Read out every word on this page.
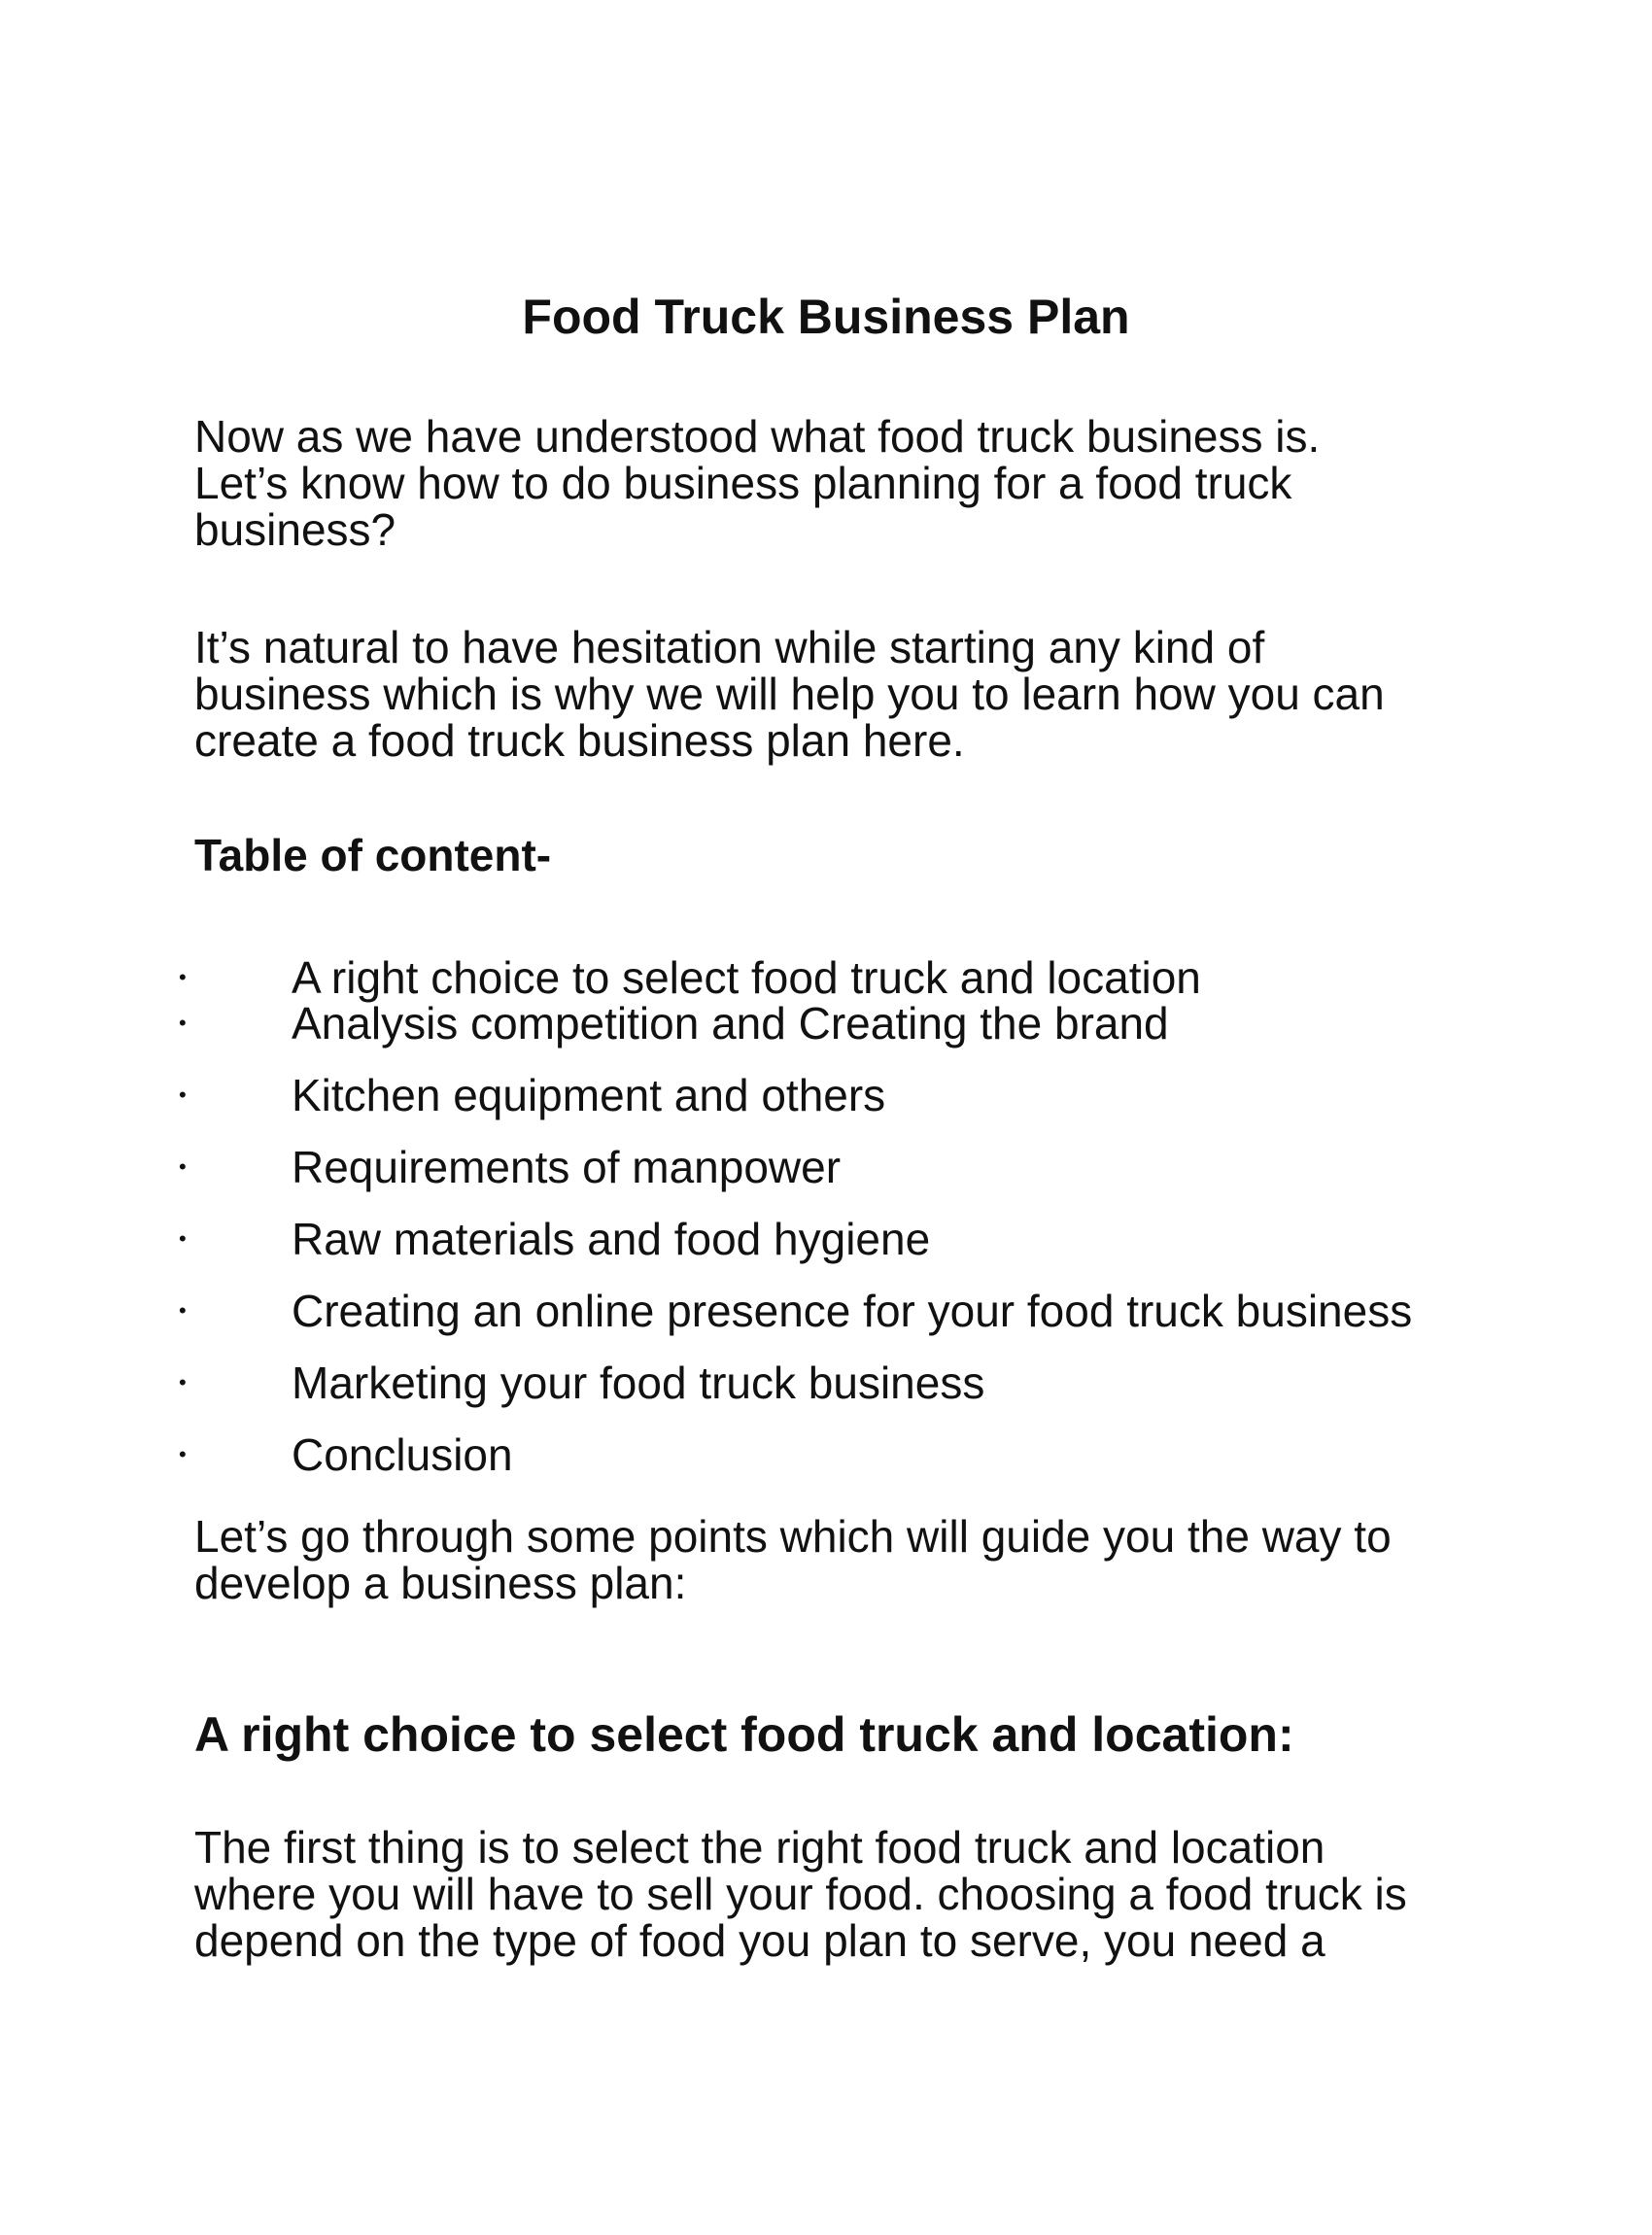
Food Truck Business Plan

Now as we have understood what food truck business is.
Let’s know how to do business planning for a food truck
business?

It’s natural to have hesitation while starting any kind of
business which is why we will help you to learn how you can
create a food truck business plan here.

Table of content-
• A right choice to select food truck and location
• Analysis competition and Creating the brand
• Kitchen equipment and others
• Requirements of manpower
• Raw materials and food hygiene
• Creating an online presence for your food truck business
• Marketing your food truck business
• Conclusion

Let’s go through some points which will guide you the way to
develop a business plan:

A right choice to select food truck and location:

The first thing is to select the right food truck and location
where you will have to sell your food. choosing a food truck is
depend on the type of food you plan to serve, you need a
